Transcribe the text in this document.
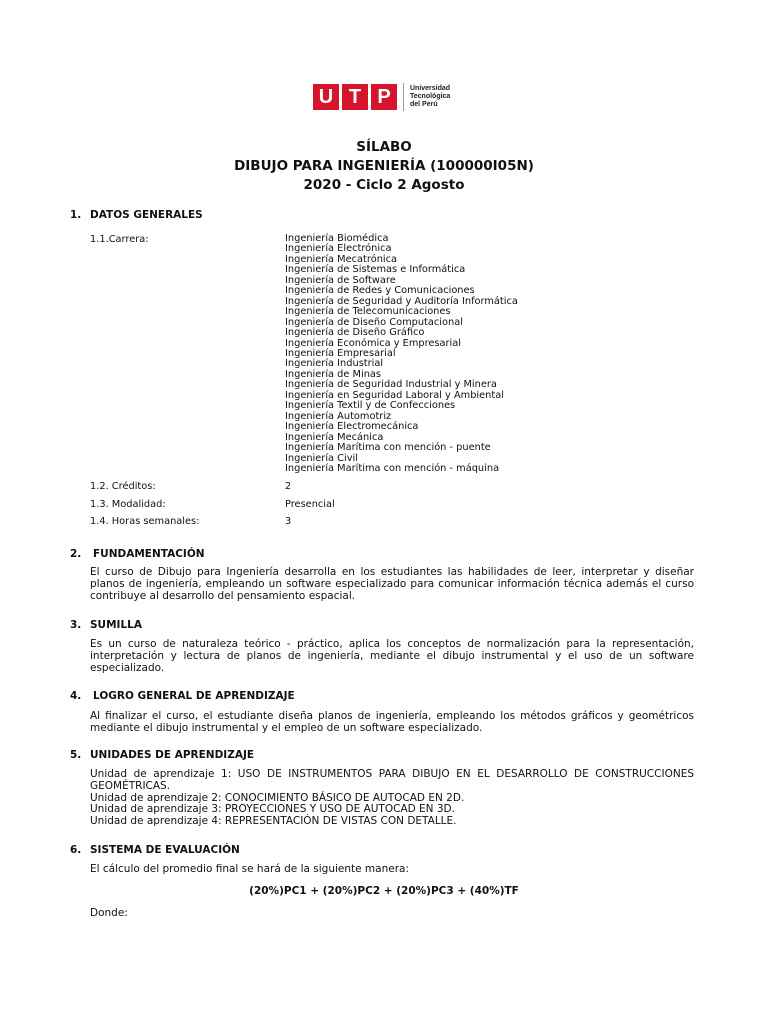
U T P	Universidad
Tecnológica
del Perú
SÍLABO
DIBUJO PARA INGENIERÍA (100000I05N)
2020 - Ciclo 2 Agosto
1. DATOS GENERALES
1.1.Carrera:	Ingeniería Biomédica
Ingeniería Electrónica
Ingeniería Mecatrónica
Ingeniería de Sistemas e Informática
Ingeniería de Software
Ingeniería de Redes y Comunicaciones
Ingeniería de Seguridad y Auditoría Informática
Ingeniería de Telecomunicaciones
Ingeniería de Diseño Computacional
Ingeniería de Diseño Gráfico
Ingeniería Económica y Empresarial
Ingeniería Empresarial
Ingeniería Industrial
Ingeniería de Minas
Ingeniería de Seguridad Industrial y Minera
Ingeniería en Seguridad Laboral y Ambiental
Ingeniería Textil y de Confecciones
Ingeniería Automotriz
Ingeniería Electromecánica
Ingeniería Mecánica
Ingeniería Marítima con mención - puente
Ingeniería Civil
Ingeniería Marítima con mención - máquina
1.2. Créditos:	2
1.3. Modalidad:	Presencial
1.4. Horas semanales:	3
2. FUNDAMENTACIÓN
El curso de Dibujo para Ingeniería desarrolla en los estudiantes las habilidades de leer, interpretar y diseñar planos de ingeniería, empleando un software especializado para comunicar información técnica además el curso contribuye al desarrollo del pensamiento espacial.
3. SUMILLA
Es un curso de naturaleza teórico - práctico, aplica los conceptos de normalización para la representación, interpretación y lectura de planos de ingeniería, mediante el dibujo instrumental y el uso de un software especializado.
4. LOGRO GENERAL DE APRENDIZAJE
Al finalizar el curso, el estudiante diseña planos de ingeniería, empleando los métodos gráficos y geométricos mediante el dibujo instrumental y el empleo de un software especializado.
5. UNIDADES DE APRENDIZAJE
Unidad de aprendizaje 1: USO DE INSTRUMENTOS PARA DIBUJO EN EL DESARROLLO DE CONSTRUCCIONES GEOMÉTRICAS.
Unidad de aprendizaje 2: CONOCIMIENTO BÁSICO DE AUTOCAD EN 2D.
Unidad de aprendizaje 3: PROYECCIONES Y USO DE AUTOCAD EN 3D.
Unidad de aprendizaje 4: REPRESENTACIÓN DE VISTAS CON DETALLE.
6. SISTEMA DE EVALUACIÓN
El cálculo del promedio final se hará de la siguiente manera:
(20%)PC1 + (20%)PC2 + (20%)PC3 + (40%)TF
Donde:
